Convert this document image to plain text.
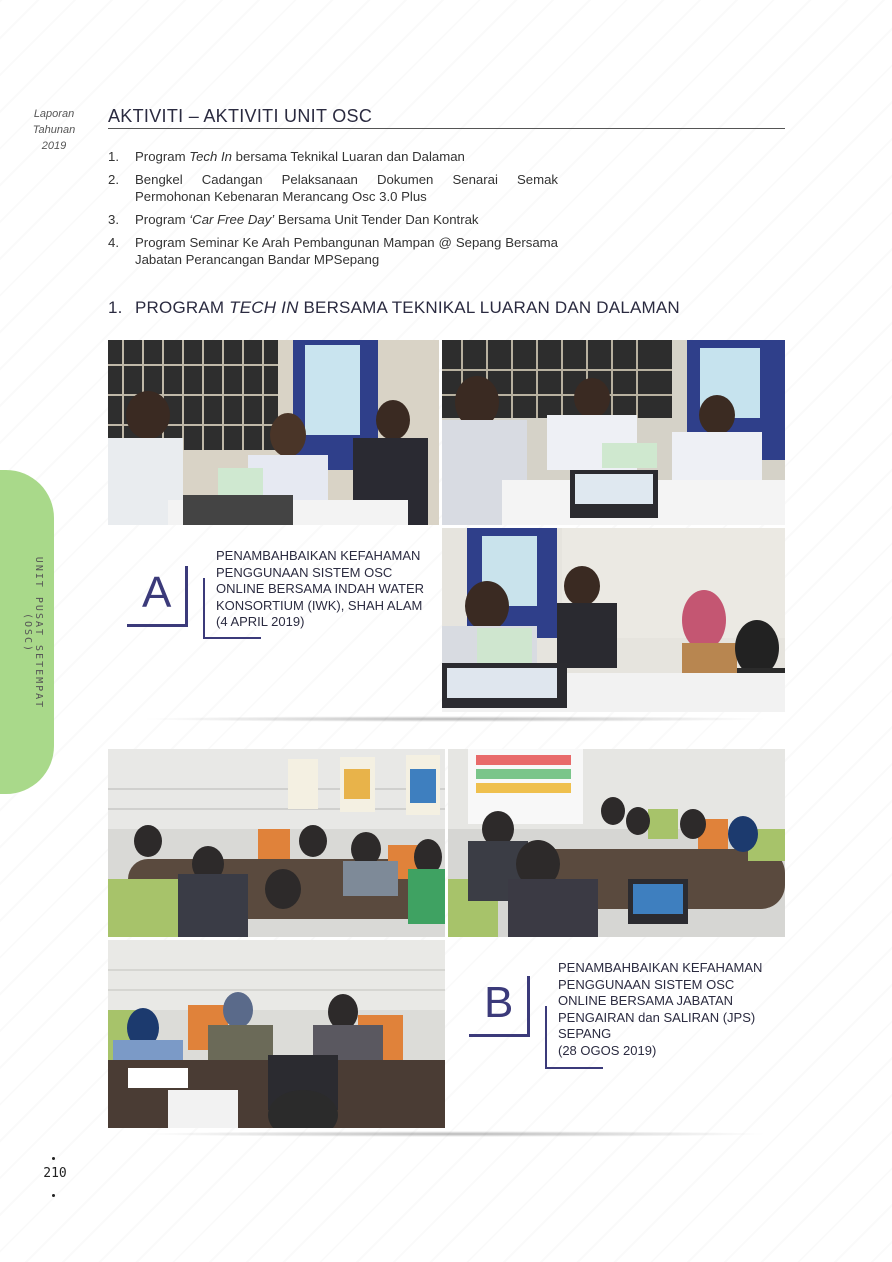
Laporan
Tahunan
2019
AKTIVITI – AKTIVITI UNIT OSC
1.	Program Tech In bersama Teknikal Luaran dan Dalaman
2.	Bengkel Cadangan Pelaksanaan Dokumen Senarai Semak Permohonan Kebenaran Merancang Osc 3.0 Plus
3.	Program ‘Car Free Day’ Bersama Unit Tender Dan Kontrak
4.	Program Seminar Ke Arah Pembangunan Mampan @ Sepang Bersama Jabatan Perancangan Bandar MPSepang
1. PROGRAM TECH IN BERSAMA TEKNIKAL LUARAN DAN DALAMAN
UNIT PUSAT SETEMPAT (OSC)
A
PENAMBAHBAIKAN KEFAHAMAN
PENGGUNAAN SISTEM OSC
ONLINE BERSAMA INDAH WATER
KONSORTIUM (IWK), SHAH ALAM
(4 APRIL 2019)
B
PENAMBAHBAIKAN KEFAHAMAN
PENGGUNAAN SISTEM OSC
ONLINE BERSAMA JABATAN
PENGAIRAN dan SALIRAN (JPS)
SEPANG
(28 OGOS 2019)
210
